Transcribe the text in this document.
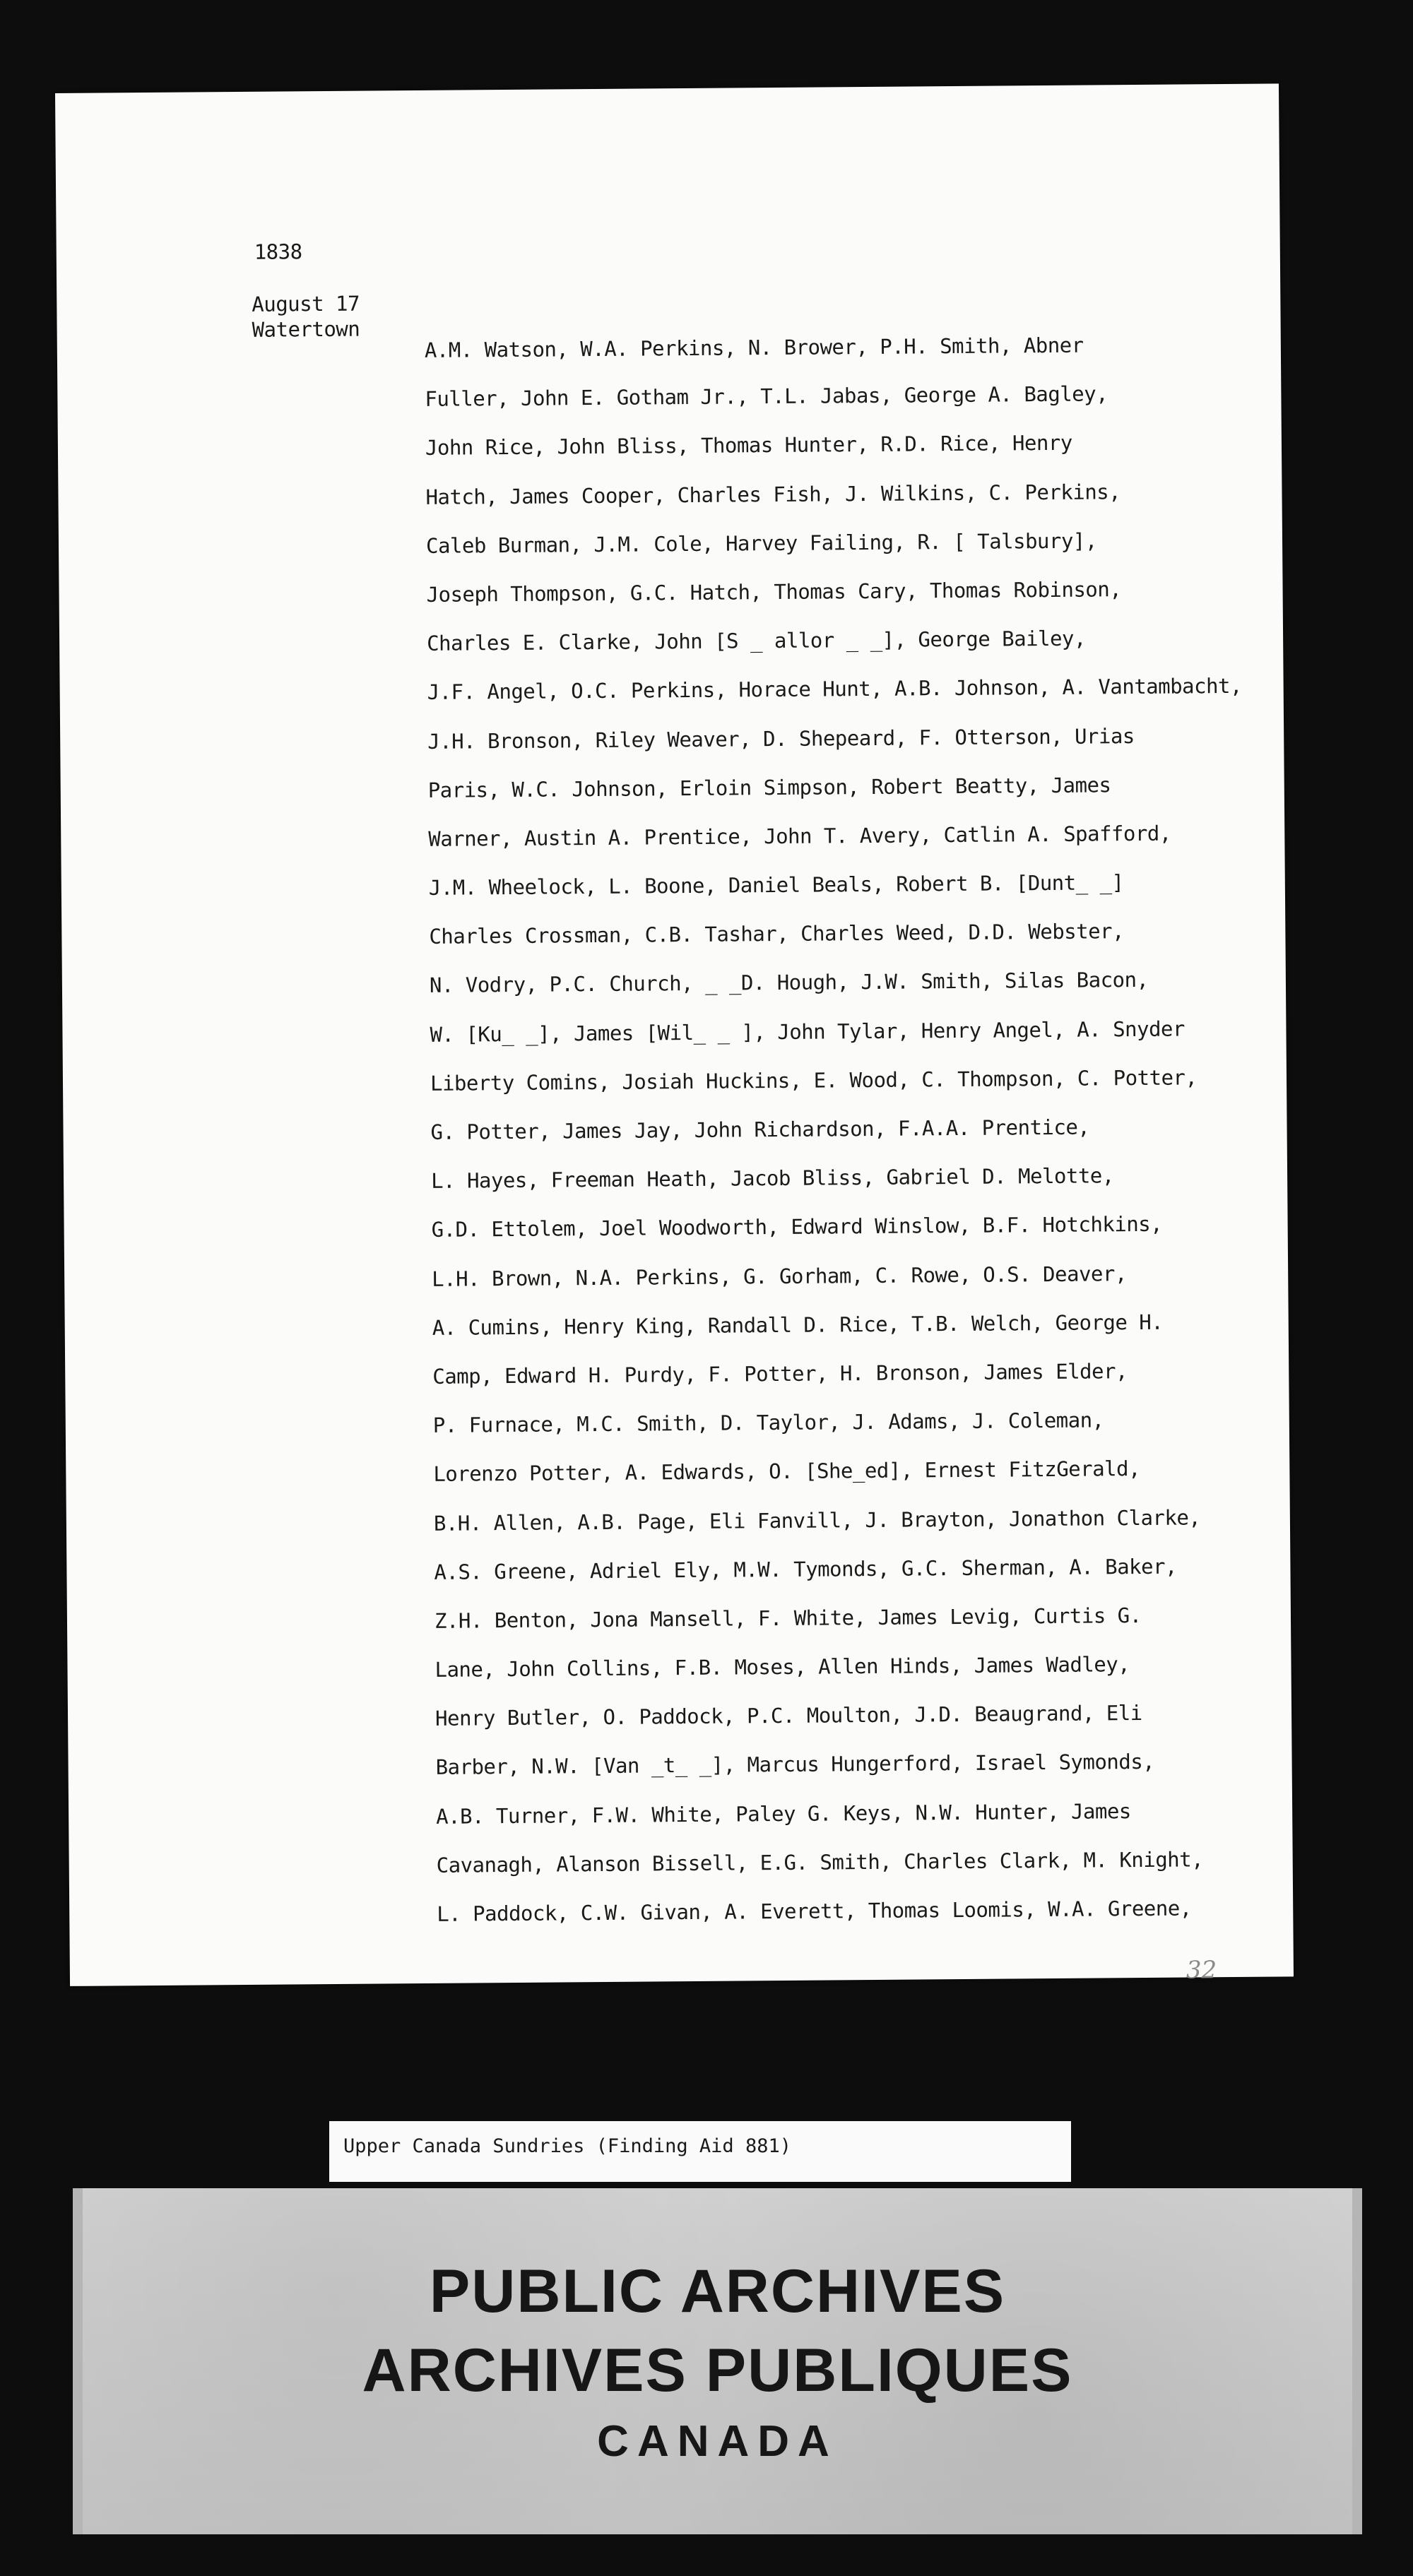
1838
August 17
Watertown
A.M. Watson, W.A. Perkins, N. Brower, P.H. Smith, Abner
Fuller, John E. Gotham Jr., T.L. Jabas, George A. Bagley,
John Rice, John Bliss, Thomas Hunter, R.D. Rice, Henry
Hatch, James Cooper, Charles Fish, J. Wilkins, C. Perkins,
Caleb Burman, J.M. Cole, Harvey Failing, R. [ Talsbury],
Joseph Thompson, G.C. Hatch, Thomas Cary, Thomas Robinson,
Charles E. Clarke, John [S _ allor _ _], George Bailey,
J.F. Angel, O.C. Perkins, Horace Hunt, A.B. Johnson, A. Vantambacht,
J.H. Bronson, Riley Weaver, D. Shepeard, F. Otterson, Urias
Paris, W.C. Johnson, Erloin Simpson, Robert Beatty, James
Warner, Austin A. Prentice, John T. Avery, Catlin A. Spafford,
J.M. Wheelock, L. Boone, Daniel Beals, Robert B. [Dunt_ _]
Charles Crossman, C.B. Tashar, Charles Weed, D.D. Webster,
N. Vodry, P.C. Church, _ _D. Hough, J.W. Smith, Silas Bacon,
W. [Ku_ _], James [Wil_ _ ], John Tylar, Henry Angel, A. Snyder
Liberty Comins, Josiah Huckins, E. Wood, C. Thompson, C. Potter,
G. Potter, James Jay, John Richardson, F.A.A. Prentice,
L. Hayes, Freeman Heath, Jacob Bliss, Gabriel D. Melotte,
G.D. Ettolem, Joel Woodworth, Edward Winslow, B.F. Hotchkins,
L.H. Brown, N.A. Perkins, G. Gorham, C. Rowe, O.S. Deaver,
A. Cumins, Henry King, Randall D. Rice, T.B. Welch, George H.
Camp, Edward H. Purdy, F. Potter, H. Bronson, James Elder,
P. Furnace, M.C. Smith, D. Taylor, J. Adams, J. Coleman,
Lorenzo Potter, A. Edwards, O. [She_ed], Ernest FitzGerald,
B.H. Allen, A.B. Page, Eli Fanvill, J. Brayton, Jonathon Clarke,
A.S. Greene, Adriel Ely, M.W. Tymonds, G.C. Sherman, A. Baker,
Z.H. Benton, Jona Mansell, F. White, James Levig, Curtis G.
Lane, John Collins, F.B. Moses, Allen Hinds, James Wadley,
Henry Butler, O. Paddock, P.C. Moulton, J.D. Beaugrand, Eli
Barber, N.W. [Van _t_ _], Marcus Hungerford, Israel Symonds,
A.B. Turner, F.W. White, Paley G. Keys, N.W. Hunter, James
Cavanagh, Alanson Bissell, E.G. Smith, Charles Clark, M. Knight,
L. Paddock, C.W. Givan, A. Everett, Thomas Loomis, W.A. Greene,
32
Upper Canada Sundries (Finding Aid 881)
PUBLIC ARCHIVES
ARCHIVES PUBLIQUES
CANADA
